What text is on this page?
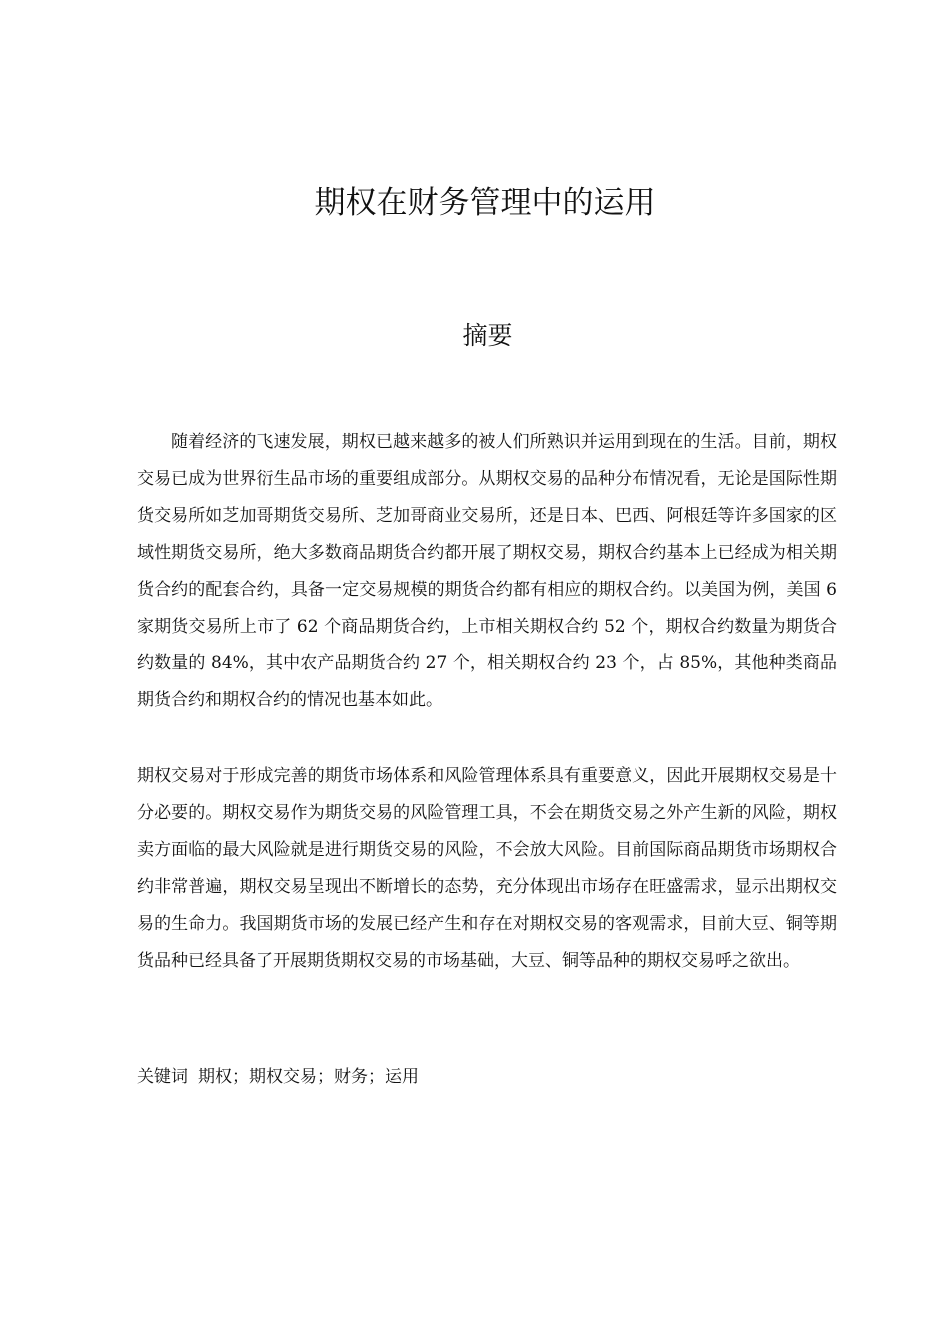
期权在财务管理中的运用
摘要

随着经济的飞速发展，期权已越来越多的被人们所熟识并运用到现在的生活。目前，期权交易已成为世界衍生品市场的重要组成部分。从期权交易的品种分布情况看，无论是国际性期货交易所如芝加哥期货交易所、芝加哥商业交易所，还是日本、巴西、阿根廷等许多国家的区域性期货交易所，绝大多数商品期货合约都开展了期权交易，期权合约基本上已经成为相关期货合约的配套合约，具备一定交易规模的期货合约都有相应的期权合约。以美国为例，美国 6 家期货交易所上市了 62 个商品期货合约，上市相关期权合约 52 个，期权合约数量为期货合约数量的 84%，其中农产品期货合约 27 个，相关期权合约 23 个，占 85%，其他种类商品期货合约和期权合约的情况也基本如此。

期权交易对于形成完善的期货市场体系和风险管理体系具有重要意义，因此开展期权交易是十分必要的。期权交易作为期货交易的风险管理工具，不会在期货交易之外产生新的风险，期权卖方面临的最大风险就是进行期货交易的风险，不会放大风险。目前国际商品期货市场期权合约非常普遍，期权交易呈现出不断增长的态势，充分体现出市场存在旺盛需求，显示出期权交易的生命力。我国期货市场的发展已经产生和存在对期权交易的客观需求，目前大豆、铜等期货品种已经具备了开展期货期权交易的市场基础，大豆、铜等品种的期权交易呼之欲出。

关键词 期权；期权交易；财务；运用
